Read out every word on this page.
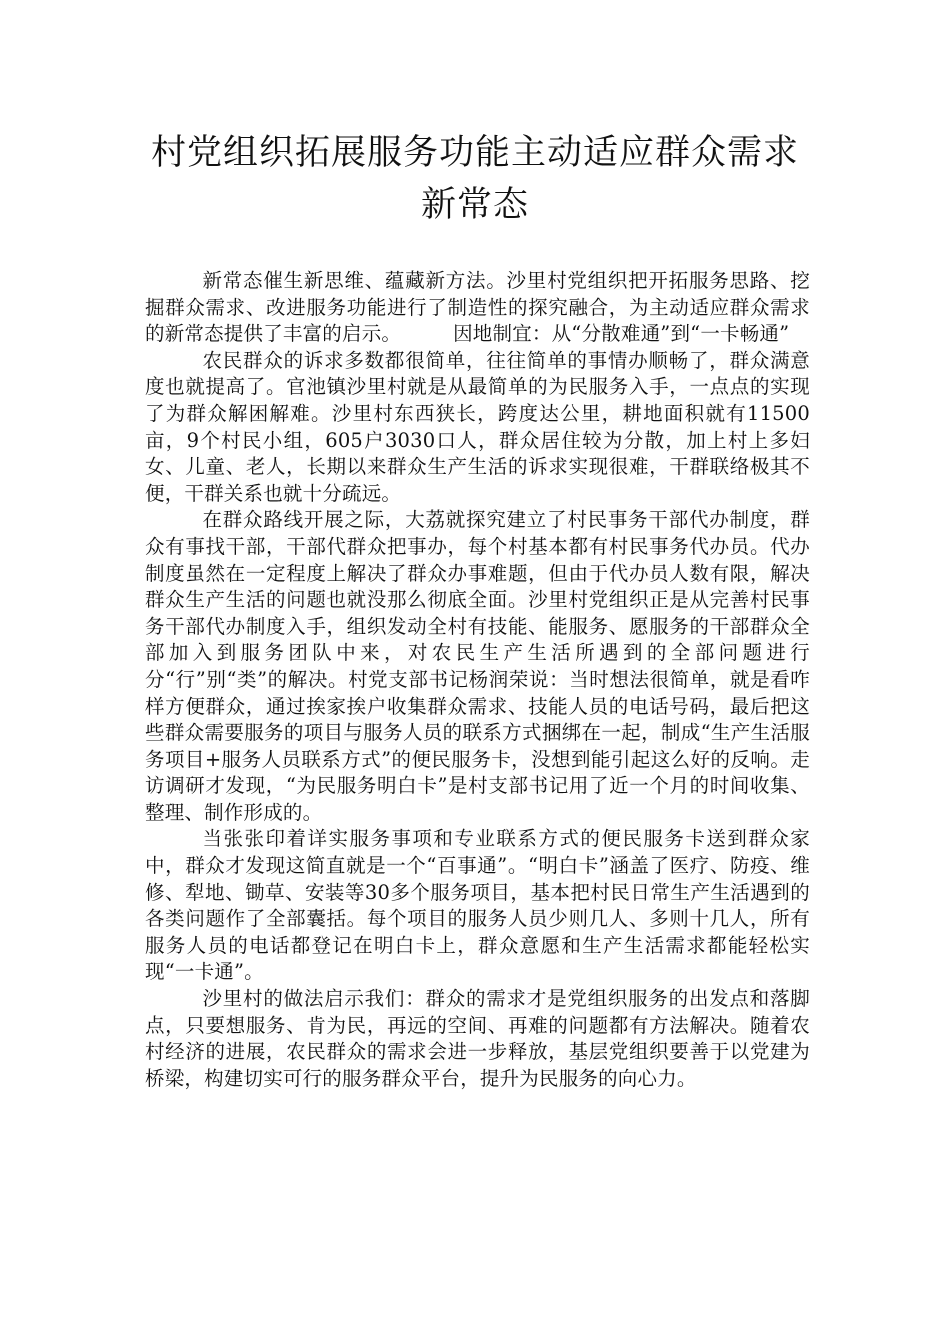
村党组织拓展服务功能主动适应群众需求
新常态

新常态催生新思维、蕴藏新方法。沙里村党组织把开拓服务思路、挖掘群众需求、改进服务功能进行了制造性的探究融合，为主动适应群众需求的新常态提供了丰富的启示。	因地制宜：从“分散难通”到“一卡畅通”

农民群众的诉求多数都很简单，往往简单的事情办顺畅了，群众满意度也就提高了。官池镇沙里村就是从最简单的为民服务入手，一点点的实现了为群众解困解难。沙里村东西狭长，跨度达公里，耕地面积就有11500亩，9个村民小组，605户3030口人，群众居住较为分散，加上村上多妇女、儿童、老人，长期以来群众生产生活的诉求实现很难，干群联络极其不便，干群关系也就十分疏远。

在群众路线开展之际，大荔就探究建立了村民事务干部代办制度，群众有事找干部，干部代群众把事办，每个村基本都有村民事务代办员。代办制度虽然在一定程度上解决了群众办事难题，但由于代办员人数有限，解决群众生产生活的问题也就没那么彻底全面。沙里村党组织正是从完善村民事务干部代办制度入手，组织发动全村有技能、能服务、愿服务的干部群众全部加入到服务团队中来，对农民生产生活所遇到的全部问题进行分“行”别“类”的解决。村党支部书记杨润荣说：当时想法很简单，就是看咋样方便群众，通过挨家挨户收集群众需求、技能人员的电话号码，最后把这些群众需要服务的项目与服务人员的联系方式捆绑在一起，制成“生产生活服务项目+服务人员联系方式”的便民服务卡，没想到能引起这么好的反响。走访调研才发现，“为民服务明白卡”是村支部书记用了近一个月的时间收集、整理、制作形成的。

当张张印着详实服务事项和专业联系方式的便民服务卡送到群众家中，群众才发现这简直就是一个“百事通”。“明白卡”涵盖了医疗、防疫、维修、犁地、锄草、安装等30多个服务项目，基本把村民日常生产生活遇到的各类问题作了全部囊括。每个项目的服务人员少则几人、多则十几人，所有服务人员的电话都登记在明白卡上，群众意愿和生产生活需求都能轻松实现“一卡通”。

沙里村的做法启示我们：群众的需求才是党组织服务的出发点和落脚点，只要想服务、肯为民，再远的空间、再难的问题都有方法解决。随着农村经济的进展，农民群众的需求会进一步释放，基层党组织要善于以党建为桥梁，构建切实可行的服务群众平台，提升为民服务的向心力。
